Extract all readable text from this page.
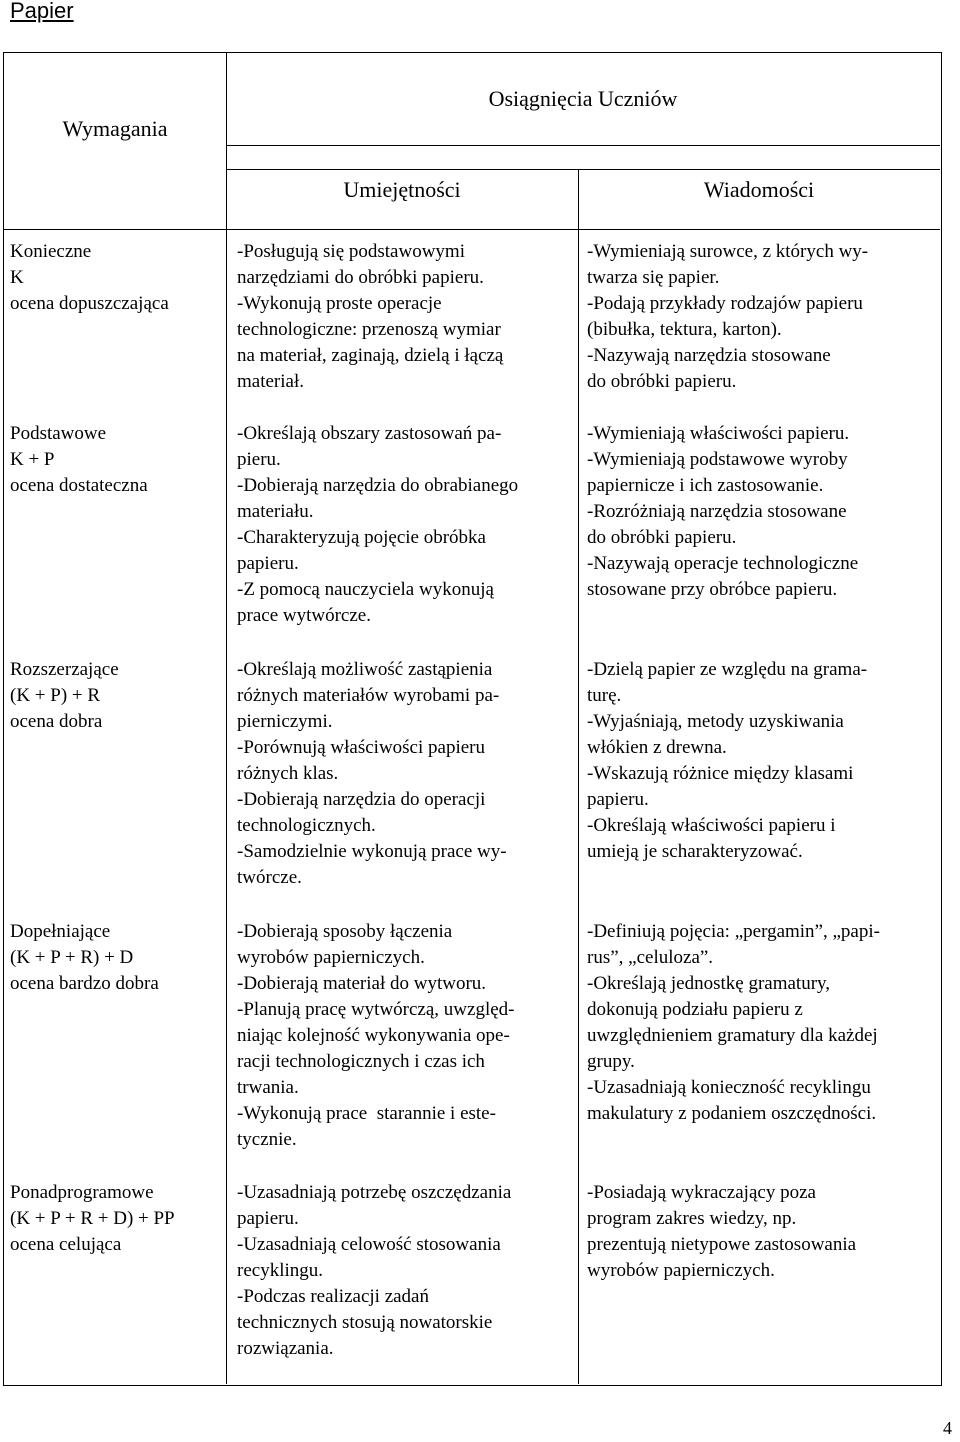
Papier
Wymagania
Osiągnięcia Uczniów
Umiejętności	Wiadomości
Konieczne
K
ocena dopuszczająca
-Posługują się podstawowymi
narzędziami do obróbki papieru.
-Wykonują proste operacje
technologiczne: przenoszą wymiar
na materiał, zaginają, dzielą i łączą
materiał.
-Wymieniają surowce, z których wy-
twarza się papier.
-Podają przykłady rodzajów papieru
(bibułka, tektura, karton).
-Nazywają narzędzia stosowane
do obróbki papieru.
Podstawowe
K + P
ocena dostateczna
-Określają obszary zastosowań pa-
pieru.
-Dobierają narzędzia do obrabianego
materiału.
-Charakteryzują pojęcie obróbka
papieru.
-Z pomocą nauczyciela wykonują
prace wytwórcze.
-Wymieniają właściwości papieru.
-Wymieniają podstawowe wyroby
papiernicze i ich zastosowanie.
-Rozróżniają narzędzia stosowane
do obróbki papieru.
-Nazywają operacje technologiczne
stosowane przy obróbce papieru.
Rozszerzające
(K + P) + R
ocena dobra
-Określają możliwość zastąpienia
różnych materiałów wyrobami pa-
pierniczymi.
-Porównują właściwości papieru
różnych klas.
-Dobierają narzędzia do operacji
technologicznych.
-Samodzielnie wykonują prace wy-
twórcze.
-Dzielą papier ze względu na grama-
turę.
-Wyjaśniają, metody uzyskiwania
włókien z drewna.
-Wskazują różnice między klasami
papieru.
-Określają właściwości papieru i
umieją je scharakteryzować.
Dopełniające
(K + P + R) + D
ocena bardzo dobra
-Dobierają sposoby łączenia
wyrobów papierniczych.
-Dobierają materiał do wytworu.
-Planują pracę wytwórczą, uwzględ-
niając kolejność wykonywania ope-
racji technologicznych i czas ich
trwania.
-Wykonują prace  starannie i este-
tycznie.
-Definiują pojęcia: „pergamin”, „papi-
rus”, „celuloza”.
-Określają jednostkę gramatury,
dokonują podziału papieru z
uwzględnieniem gramatury dla każdej
grupy.
-Uzasadniają konieczność recyklingu
makulatury z podaniem oszczędności.
Ponadprogramowe
(K + P + R + D) + PP
ocena celująca
-Uzasadniają potrzebę oszczędzania
papieru.
-Uzasadniają celowość stosowania
recyklingu.
-Podczas realizacji zadań
technicznych stosują nowatorskie
rozwiązania.
-Posiadają wykraczający poza
program zakres wiedzy, np.
prezentują nietypowe zastosowania
wyrobów papierniczych.
4
